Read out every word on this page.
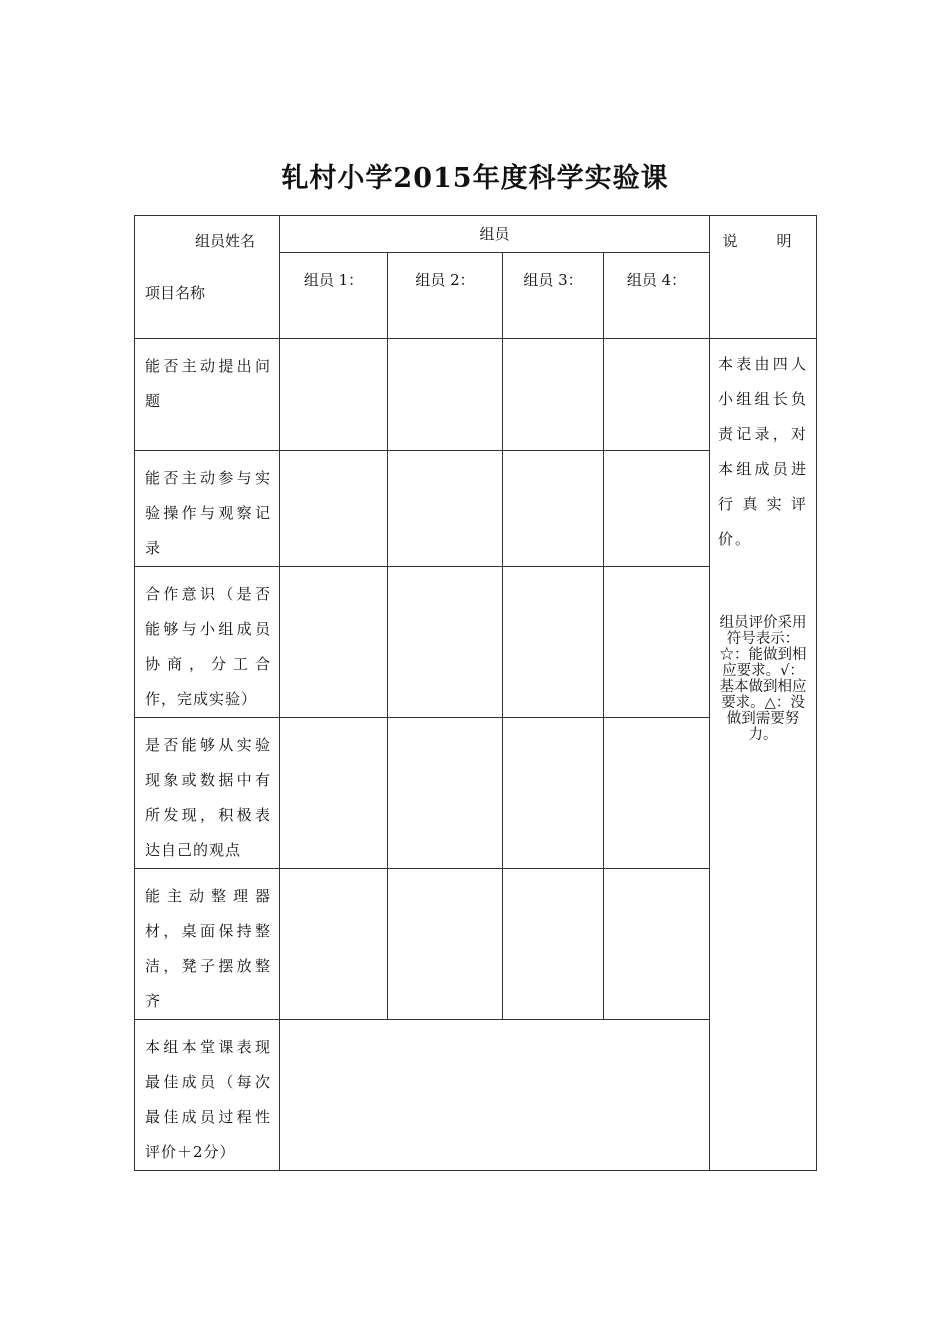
轧村小学2015年度科学实验课
组员姓名
项目名称	组员				说　明
	组员 1：	组员 2：	组员 3：	组员 4：	
能否主动提出问题					本表由四人小组组长负责记录，对本组成员进行真实评价。
组员评价采用符号表示：☆：能做到相应要求。√：基本做到相应要求。△：没做到需要努力。

能否主动参与实验操作与观察记录					
合作意识（是否能够与小组成员协商，分工合作，完成实验）					
是否能够从实验现象或数据中有所发现，积极表达自己的观点					
能主动整理器材，桌面保持整洁，凳子摆放整齐					
本组本堂课表现最佳成员（每次最佳成员过程性评价＋2分）					
